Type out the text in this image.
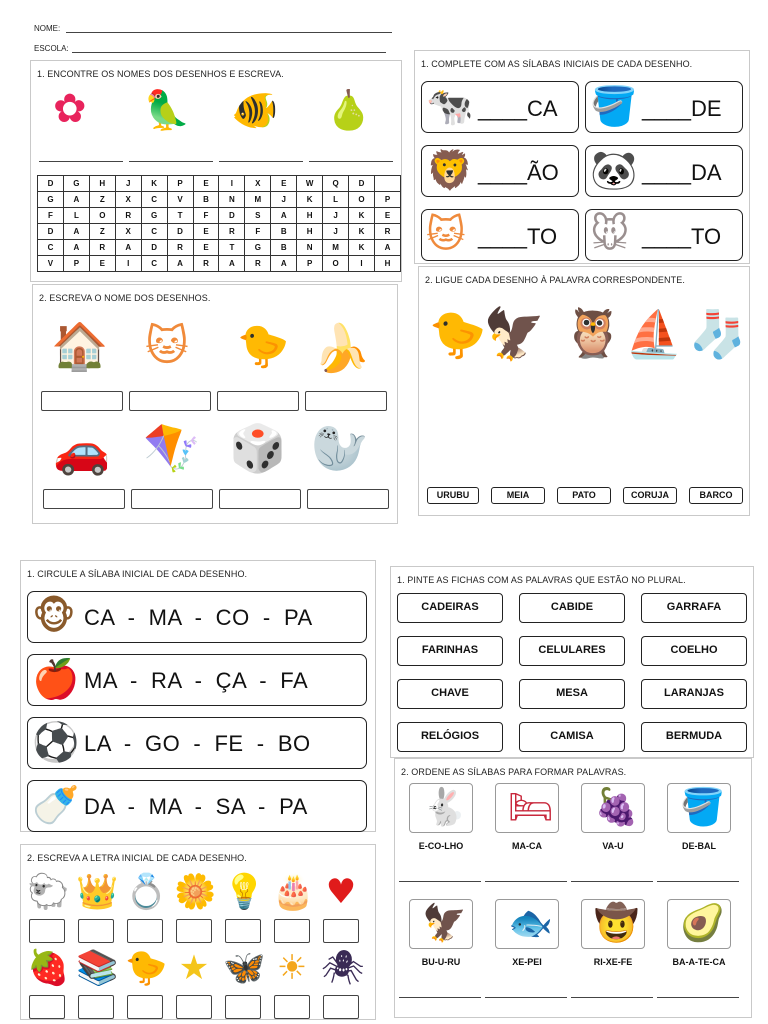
NOME:
ESCOLA:
1. ENCONTRE OS NOMES DOS DESENHOS E ESCREVA.
✿ 🦜 🐠 🍐
D	G	H	J	K	P	E	I	X	E	W	Q	D	
G	A	Z	X	C	V	B	N	M	J	K	L	O	P
F	L	O	R	G	T	F	D	S	A	H	J	K	E
D	A	Z	X	C	D	E	R	F	B	H	J	K	R
C	A	R	A	D	R	E	T	G	B	N	M	K	A
V	P	E	I	C	A	R	A	R	A	P	O	I	H
1. COMPLETE COM AS SÍLABAS INICIAIS DE CADA DESENHO.
🐄 ____CA 🪣 ____DE
🦁 ____ÃO 🐼 ____DA
🐱 ____TO 🐭 ____TO
2. ESCREVA O NOME DOS DESENHOS.
🏠 🐱 🐤 🍌
🚗 🪁 🎲 🦭
2. LIGUE CADA DESENHO À PALAVRA CORRESPONDENTE.
🐤
🦅 🦉 ⛵ 🧦
URUBU	MEIA	PATO	CORUJA	BARCO
1. CIRCULE A SÍLABA INICIAL DE CADA DESENHO.
🐵 CA  -  MA  -  CO  -  PA
🍎 MA  -  RA  -  ÇA  -  FA
⚽ LA  -  GO  -  FE  -  BO
🍼 DA  -  MA  -  SA  -  PA
1. PINTE AS FICHAS COM AS PALAVRAS QUE ESTÃO NO PLURAL.
CADEIRAS	CABIDE	GARRAFA
FARINHAS	CELULARES	COELHO
CHAVE	MESA	LARANJAS
RELÓGIOS	CAMISA	BERMUDA
2. ORDENE AS SÍLABAS PARA FORMAR PALAVRAS.
🐇
E-CO-LHO
🛏
MA-CA
🍇
VA-U
🪣
DE-BAL
🦅
BU-U-RU
🐟
XE-PEI
🤠
RI-XE-FE
🥑
BA-A-TE-CA
2. ESCREVA A LETRA INICIAL DE CADA DESENHO.
🐑 👑 💍 🌼 💡 🎂 ♥
🍓 📚 🐤 ★ 🦋 ☀ 🕷
